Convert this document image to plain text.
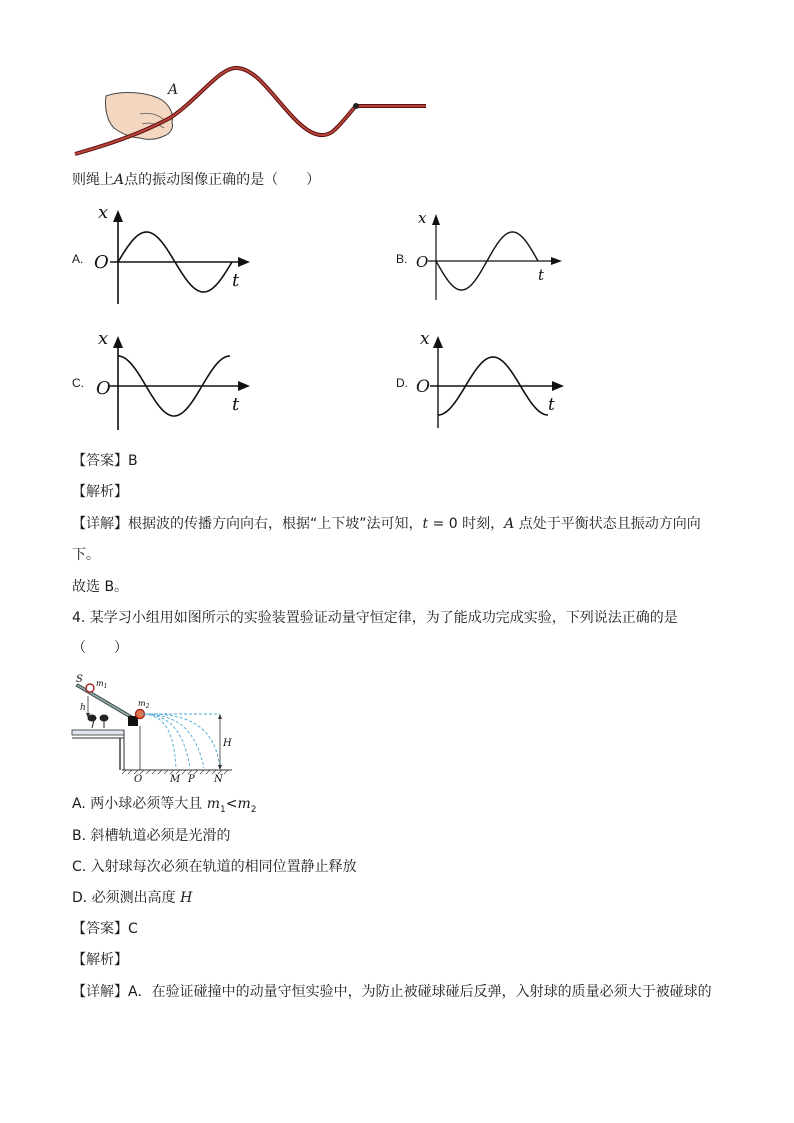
A
则绳上A点的振动图像正确的是（　　）
A.
x
O
t
B.
x
O
t
C.
x
O
t
D.
x
O
t
【答案】B
【解析】
【详解】根据波的传播方向向右，根据“上下坡”法可知，t = 0 时刻，A 点处于平衡状态且振动方向向
下。
故选 B。
4. 某学习小组用如图所示的实验装置验证动量守恒定律，为了能成功完成实验，下列说法正确的是
（　　）
S $m_1$
h	$m_2$
H
O	M P N
A. 两小球必须等大且 $m_1<m_2$
B. 斜槽轨道必须是光滑的
C. 入射球每次必须在轨道的相同位置静止释放
D. 必须测出高度 H
【答案】C
【解析】
【详解】A．在验证碰撞中的动量守恒实验中，为防止被碰球碰后反弹，入射球的质量必须大于被碰球的
